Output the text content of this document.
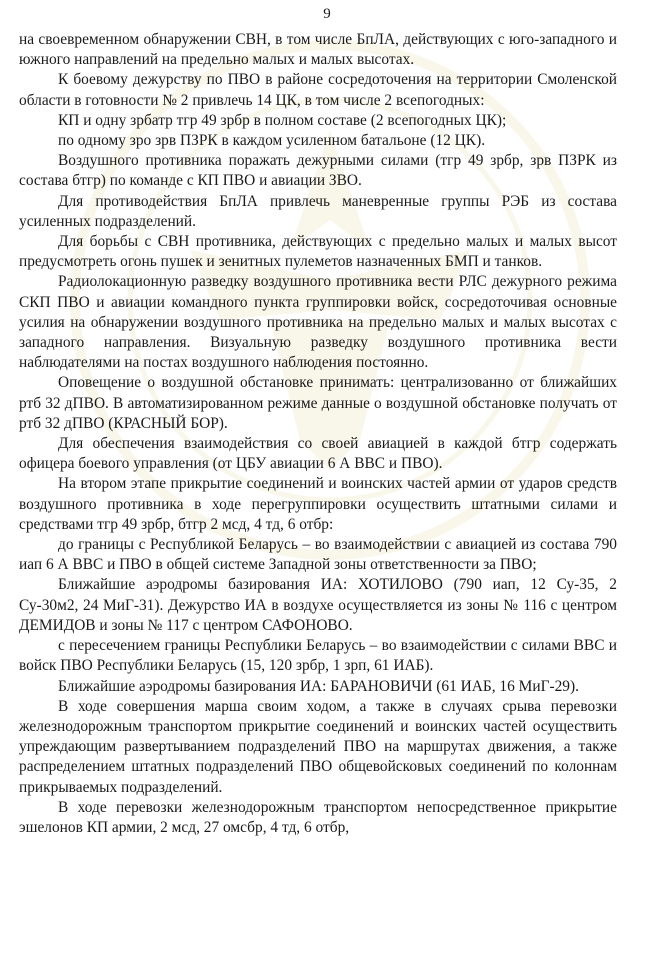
9

на своевременном обнаружении СВН, в том числе БпЛА, действующих с юго-западного и южного направлений на предельно малых и малых высотах.

К боевому дежурству по ПВО в районе сосредоточения на территории Смоленской области в готовности № 2 привлечь 14 ЦК, в том числе 2 всепогодных:

КП и одну зрбатр тгр 49 зрбр в полном составе (2 всепогодных ЦК);

по одному зро зрв ПЗРК в каждом усиленном батальоне (12 ЦК).

Воздушного противника поражать дежурными силами (тгр 49 зрбр, зрв ПЗРК из состава бтгр) по команде с КП ПВО и авиации ЗВО.

Для противодействия БпЛА привлечь маневренные группы РЭБ из состава усиленных подразделений.

Для борьбы с СВН противника, действующих с предельно малых и малых высот предусмотреть огонь пушек и зенитных пулеметов назначенных БМП и танков.

Радиолокационную разведку воздушного противника вести РЛС дежурного режима СКП ПВО и авиации командного пункта группировки войск, сосредоточивая основные усилия на обнаружении воздушного противника на предельно малых и малых высотах с западного направления. Визуальную разведку воздушного противника вести наблюдателями на постах воздушного наблюдения постоянно.

Оповещение о воздушной обстановке принимать: централизованно от ближайших ртб 32 дПВО. В автоматизированном режиме данные о воздушной обстановке получать от ртб 32 дПВО (КРАСНЫЙ БОР).

Для обеспечения взаимодействия со своей авиацией в каждой бтгр содержать офицера боевого управления (от ЦБУ авиации 6 А ВВС и ПВО).

На втором этапе прикрытие соединений и воинских частей армии от ударов средств воздушного противника в ходе перегруппировки осуществить штатными силами и средствами тгр 49 зрбр, бтгр 2 мсд, 4 тд, 6 отбр:

до границы с Республикой Беларусь – во взаимодействии с авиацией из состава 790 иап 6 А ВВС и ПВО в общей системе Западной зоны ответственности за ПВО;

Ближайшие аэродромы базирования ИА: ХОТИЛОВО (790 иап, 12 Су-35, 2 Су-30м2, 24 МиГ-31). Дежурство ИА в воздухе осуществляется из зоны № 116 с центром ДЕМИДОВ и зоны № 117 с центром САФОНОВО.

с пересечением границы Республики Беларусь – во взаимодействии с силами ВВС и войск ПВО Республики Беларусь (15, 120 зрбр, 1 зрп, 61 ИАБ).

Ближайшие аэродромы базирования ИА: БАРАНОВИЧИ (61 ИАБ, 16 МиГ-29).

В ходе совершения марша своим ходом, а также в случаях срыва перевозки железнодорожным транспортом прикрытие соединений и воинских частей осуществить упреждающим развертыванием подразделений ПВО на маршрутах движения, а также распределением штатных подразделений ПВО общевойсковых соединений по колоннам прикрываемых подразделений.

В ходе перевозки железнодорожным транспортом непосредственное прикрытие эшелонов КП армии, 2 мсд, 27 омсбр, 4 тд, 6 отбр,
